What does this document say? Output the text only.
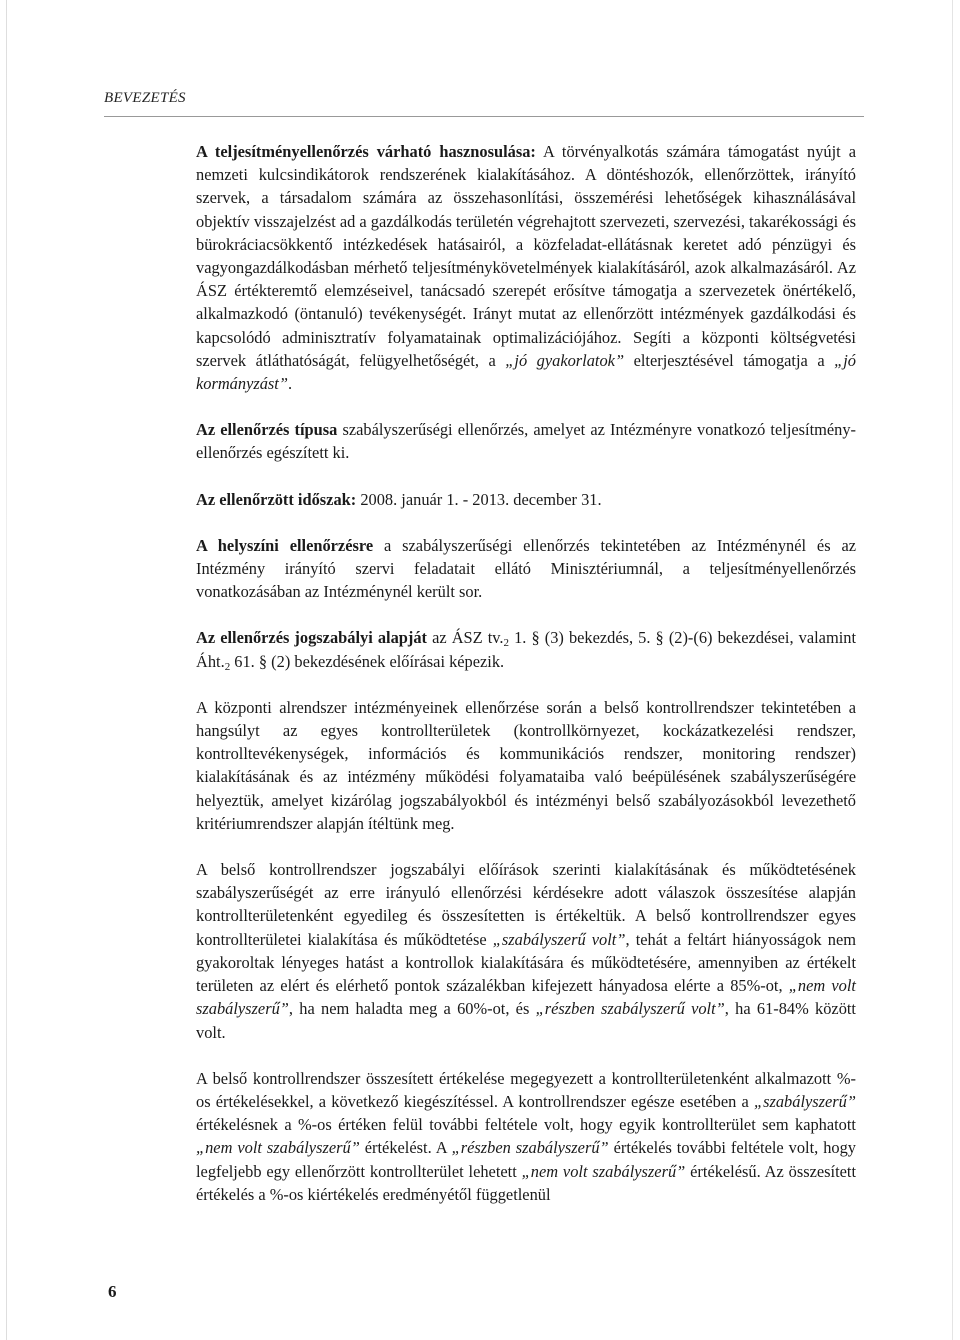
BEVEZETÉS

A teljesítményellenőrzés várható hasznosulása: A törvényalkotás számára támogatást nyújt a nemzeti kulcsindikátorok rendszerének kialakításához. A döntéshozók, ellenőrzöttek, irányító szervek, a társadalom számára az összehasonlítási, összemérési lehetőségek kihasználásával objektív visszajelzést ad a gazdálkodás területén végrehajtott szervezeti, szervezési, takarékossági és bürokráciacsökkentő intézkedések hatásairól, a közfeladat-ellátásnak keretet adó pénzügyi és vagyongazdálkodásban mérhető teljesítménykövetelmények kialakításáról, azok alkalmazásáról. Az ÁSZ értékteremtő elemzéseivel, tanácsadó szerepét erősítve támogatja a szervezetek önértékelő, alkalmazkodó (öntanuló) tevékenységét. Irányt mutat az ellenőrzött intézmények gazdálkodási és kapcsolódó adminisztratív folyamatainak optimalizációjához. Segíti a központi költségvetési szervek átláthatóságát, felügyelhetőségét, a „jó gyakorlatok” elterjesztésével támogatja a „jó kormányzást”.

Az ellenőrzés típusa szabályszerűségi ellenőrzés, amelyet az Intézményre vonatkozó teljesítmény-ellenőrzés egészített ki.

Az ellenőrzött időszak: 2008. január 1. - 2013. december 31.

A helyszíni ellenőrzésre a szabályszerűségi ellenőrzés tekintetében az Intézménynél és az Intézmény irányító szervi feladatait ellátó Minisztériumnál, a teljesítményellenőrzés vonatkozásában az Intézménynél került sor.

Az ellenőrzés jogszabályi alapját az ÁSZ $tv._2$ 1. § (3) bekezdés, 5. § (2)-(6) bekezdései, valamint $Áht._2$ 61. § (2) bekezdésének előírásai képezik.

A központi alrendszer intézményeinek ellenőrzése során a belső kontrollrendszer tekintetében a hangsúlyt az egyes kontrollterületek (kontrollkörnyezet, kockázatkezelési rendszer, kontrolltevékenységek, információs és kommunikációs rendszer, monitoring rendszer) kialakításának és az intézmény működési folyamataiba való beépülésének szabályszerűségére helyeztük, amelyet kizárólag jogszabályokból és intézményi belső szabályozásokból levezethető kritériumrendszer alapján ítéltünk meg.

A belső kontrollrendszer jogszabályi előírások szerinti kialakításának és működtetésének szabályszerűségét az erre irányuló ellenőrzési kérdésekre adott válaszok összesítése alapján kontrollterületenként egyedileg és összesítetten is értékeltük. A belső kontrollrendszer egyes kontrollterületei kialakítása és működtetése „szabályszerű volt”, tehát a feltárt hiányosságok nem gyakoroltak lényeges hatást a kontrollok kialakítására és működtetésére, amennyiben az értékelt területen az elért és elérhető pontok százalékban kifejezett hányadosa elérte a 85%-ot, „nem volt szabályszerű”, ha nem haladta meg a 60%-ot, és „részben szabályszerű volt”, ha 61-84% között volt.

A belső kontrollrendszer összesített értékelése megegyezett a kontrollterületenként alkalmazott %-os értékelésekkel, a következő kiegészítéssel. A kontrollrendszer egésze esetében a „szabályszerű” értékelésnek a %-os értéken felül további feltétele volt, hogy egyik kontrollterület sem kaphatott „nem volt szabályszerű” értékelést. A „részben szabályszerű” értékelés további feltétele volt, hogy legfeljebb egy ellenőrzött kontrollterület lehetett „nem volt szabályszerű” értékelésű. Az összesített értékelés a %-os kiértékelés eredményétől függetlenül

6
